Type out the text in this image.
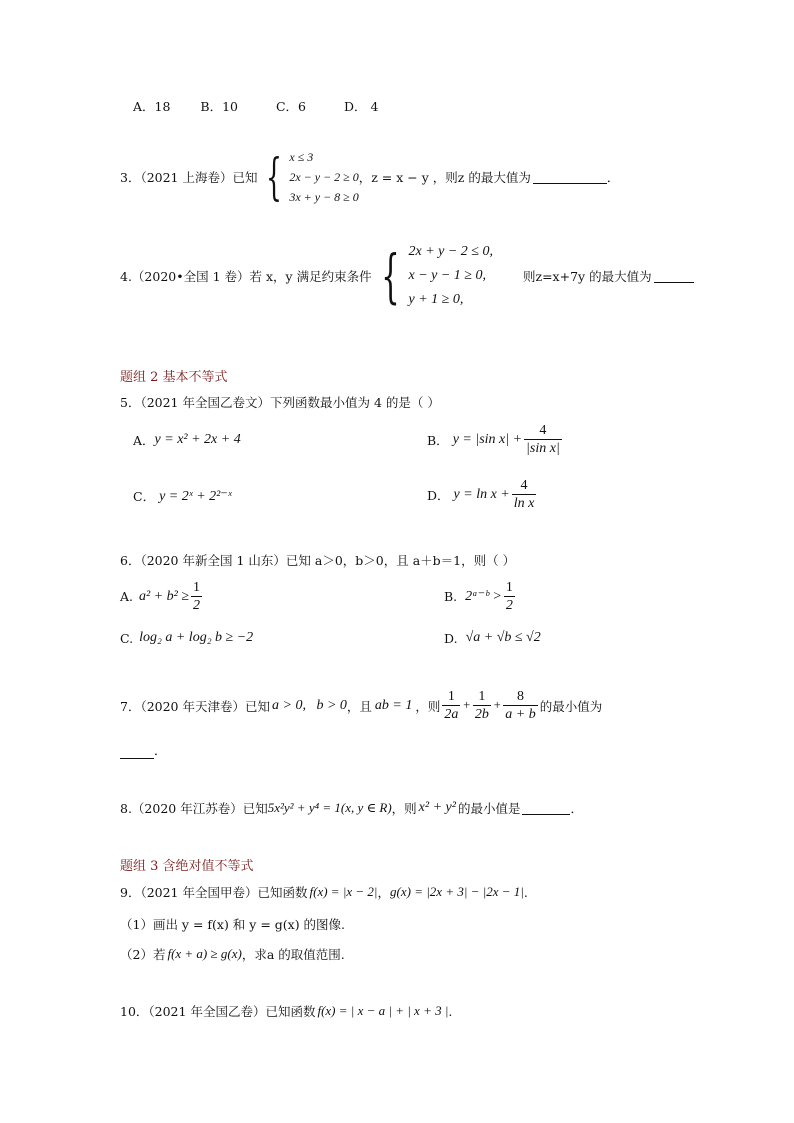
A．18 B．10	C．6	D． 4
3．（2021 上海卷）已知 { x ≤ 3
2x − y − 2 ≥ 0
3x + y − 8 ≥ 0
，z = x − y ，则z 的最大值为	．
4.（2020•全国 1 卷）若 x，y 满足约束条件 { 2x + y − 2 ≤ 0,
x − y − 1 ≥ 0,
y + 1 ≥ 0,
则z=x+7y 的最大值为
题组 2 基本不等式
5．（2021 年全国乙卷文）下列函数最小值为 4 的是（ ）
A． y = x² + 2x + 4	B． y = |sin $x| + \frac{4}{\text{|sin x|}}$
C． y = 2ˣ + 2²⁻ˣ	D． $y = \ln x + \frac{4}{\text{ln x}}$
6．（2020 年新全国 1 山东）已知 a＞0，b＞0，且 a＋b＝1，则（ ）
A. $a^2 + b^2 \ge \frac{1}{2}$	B. 2ᵃ⁻ᵇ > $\frac{1}{2}$
C. log₂ a + log₂ b ≥ −2	D. √a + √b ≤ √2
7．（2020 年天津卷）已知 a > 0,   b > 0 ，且 ab = 1 ，则 $\frac{1}{2a} + \frac{1}{2b} + \frac{8}{a + b}$ 的最小值为
．
8.（2020 年江苏卷）已知 5x²y² + y⁴ = 1(x, y ∈ R) ，则 x² + y² 的最小值是	．
题组 3 含绝对值不等式
9．（2021 年全国甲卷）已知函数 f(x) = |x − 2| ， g(x) = |2x + 3| − |2x − 1| .
（1）画出 y = f(x) 和 y = g(x) 的图像.
（2）若 f(x + a) ≥ g(x) ，求a 的取值范围.
10．（2021 年全国乙卷）已知函数 f(x) = | x − a | + | x + 3 | .
